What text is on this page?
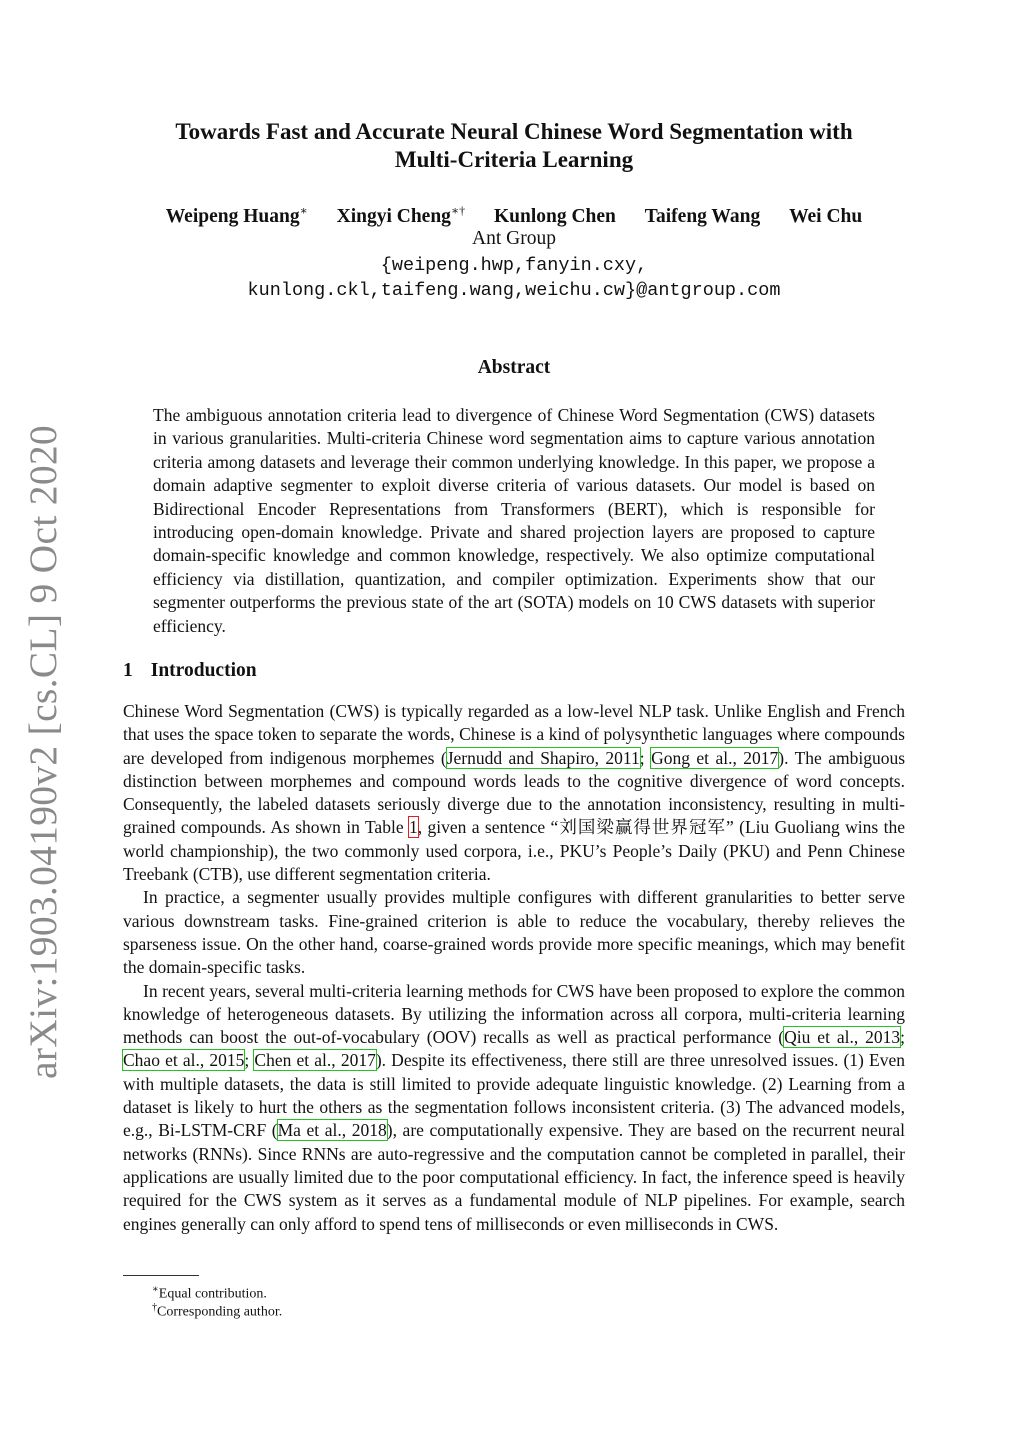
arXiv:1903.04190v2 [cs.CL] 9 Oct 2020
Towards Fast and Accurate Neural Chinese Word Segmentation with
Multi-Criteria Learning
Weipeng Huang∗ Xingyi Cheng∗† Kunlong Chen Taifeng Wang Wei Chu
Ant Group
{weipeng.hwp,fanyin.cxy,
kunlong.ckl,taifeng.wang,weichu.cw}@antgroup.com
Abstract
The ambiguous annotation criteria lead to divergence of Chinese Word Segmentation (CWS) datasets in various granularities. Multi-criteria Chinese word segmentation aims to capture various annotation criteria among datasets and leverage their common underlying knowledge. In this paper, we propose a domain adaptive segmenter to exploit diverse criteria of various datasets. Our model is based on Bidirectional Encoder Representations from Transformers (BERT), which is responsible for introducing open-domain knowledge. Private and shared projection layers are proposed to capture domain-specific knowledge and common knowledge, respectively. We also optimize computational efficiency via distillation, quantization, and compiler optimization. Experiments show that our segmenter outperforms the previous state of the art (SOTA) models on 10 CWS datasets with superior efficiency.
1 Introduction

Chinese Word Segmentation (CWS) is typically regarded as a low-level NLP task. Unlike English and French that uses the space token to separate the words, Chinese is a kind of polysynthetic languages where compounds are developed from indigenous morphemes (Jernudd and Shapiro, 2011; Gong et al., 2017). The ambiguous distinction between morphemes and compound words leads to the cognitive divergence of word concepts. Consequently, the labeled datasets seriously diverge due to the annotation inconsistency, resulting in multi-grained compounds. As shown in Table 1, given a sentence “刘国梁赢得世界冠军” (Liu Guoliang wins the world championship), the two commonly used corpora, i.e., PKU’s People’s Daily (PKU) and Penn Chinese Treebank (CTB), use different segmentation criteria.

In practice, a segmenter usually provides multiple configures with different granularities to better serve various downstream tasks. Fine-grained criterion is able to reduce the vocabulary, thereby relieves the sparseness issue. On the other hand, coarse-grained words provide more specific meanings, which may benefit the domain-specific tasks.

In recent years, several multi-criteria learning methods for CWS have been proposed to explore the common knowledge of heterogeneous datasets. By utilizing the information across all corpora, multi-criteria learning methods can boost the out-of-vocabulary (OOV) recalls as well as practical performance (Qiu et al., 2013; Chao et al., 2015; Chen et al., 2017). Despite its effectiveness, there still are three unresolved issues. (1) Even with multiple datasets, the data is still limited to provide adequate linguistic knowledge. (2) Learning from a dataset is likely to hurt the others as the segmentation follows inconsistent criteria. (3) The advanced models, e.g., Bi-LSTM-CRF (Ma et al., 2018), are computationally expensive. They are based on the recurrent neural networks (RNNs). Since RNNs are auto-regressive and the computation cannot be completed in parallel, their applications are usually limited due to the poor computational efficiency. In fact, the inference speed is heavily required for the CWS system as it serves as a fundamental module of NLP pipelines. For example, search engines generally can only afford to spend tens of milliseconds or even milliseconds in CWS.

∗Equal contribution.
†Corresponding author.
